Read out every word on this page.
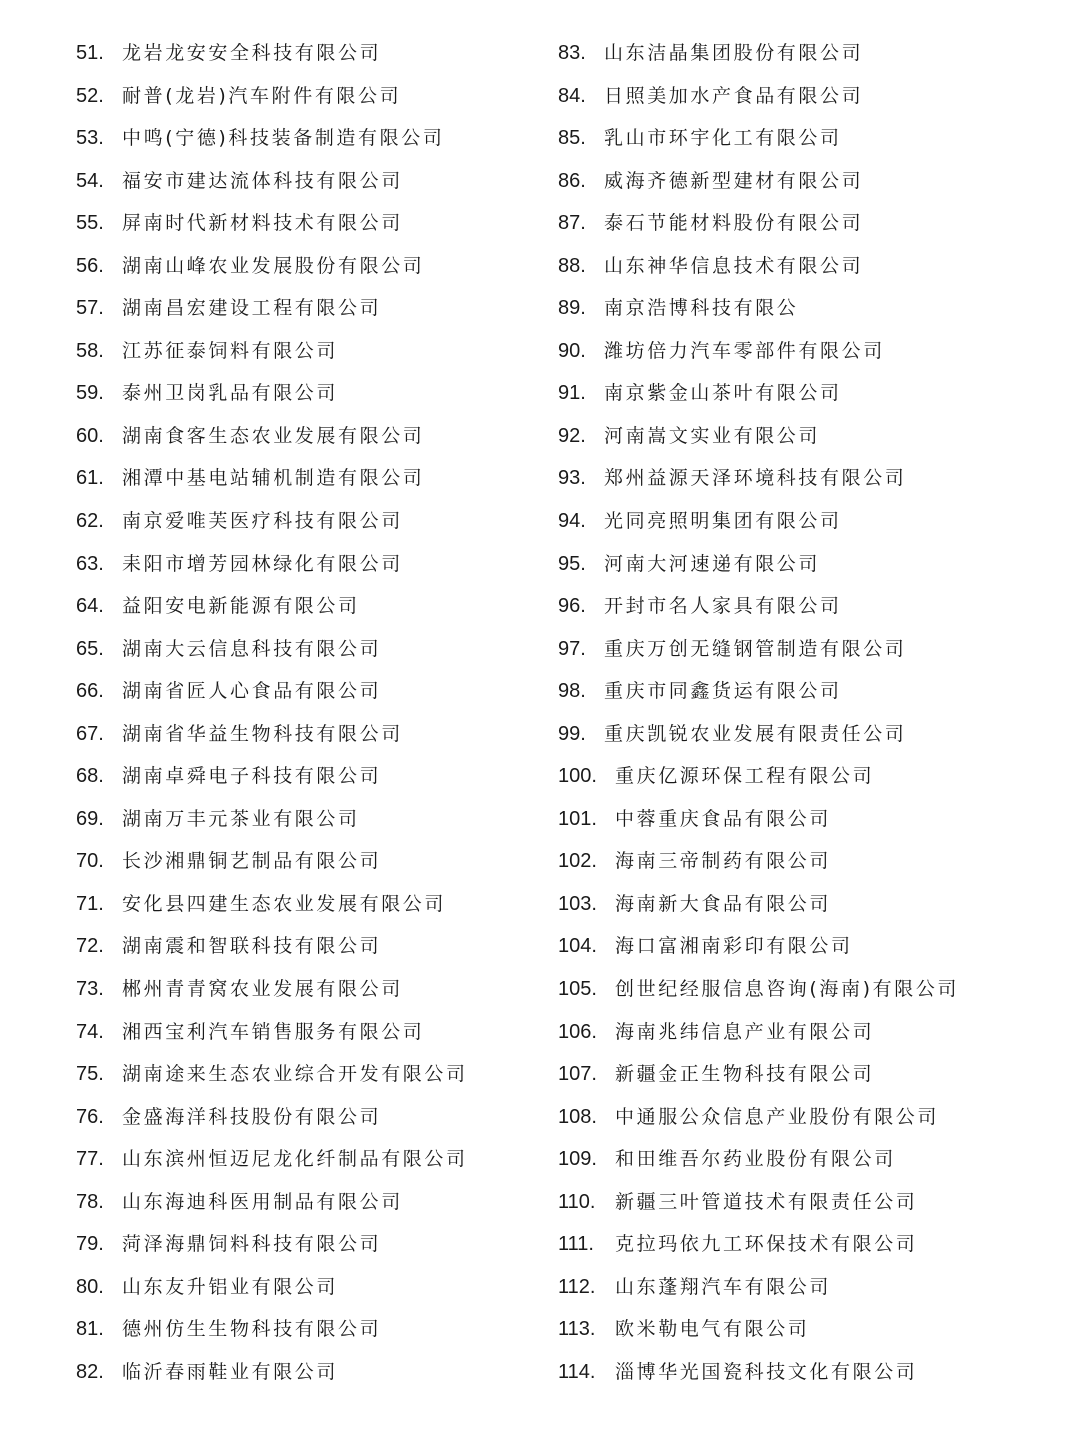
51. 龙岩龙安安全科技有限公司
52. 耐普(龙岩)汽车附件有限公司
53. 中鸣(宁德)科技装备制造有限公司
54. 福安市建达流体科技有限公司
55. 屏南时代新材料技术有限公司
56. 湖南山峰农业发展股份有限公司
57. 湖南昌宏建设工程有限公司
58. 江苏征泰饲料有限公司
59. 泰州卫岗乳品有限公司
60. 湖南食客生态农业发展有限公司
61. 湘潭中基电站辅机制造有限公司
62. 南京爱唯芙医疗科技有限公司
63. 耒阳市增芳园林绿化有限公司
64. 益阳安电新能源有限公司
65. 湖南大云信息科技有限公司
66. 湖南省匠人心食品有限公司
67. 湖南省华益生物科技有限公司
68. 湖南卓舜电子科技有限公司
69. 湖南万丰元茶业有限公司
70. 长沙湘鼎铜艺制品有限公司
71. 安化县四建生态农业发展有限公司
72. 湖南震和智联科技有限公司
73. 郴州青青窝农业发展有限公司
74. 湘西宝利汽车销售服务有限公司
75. 湖南途来生态农业综合开发有限公司
76. 金盛海洋科技股份有限公司
77. 山东滨州恒迈尼龙化纤制品有限公司
78. 山东海迪科医用制品有限公司
79. 菏泽海鼎饲料科技有限公司
80. 山东友升铝业有限公司
81. 德州仿生生物科技有限公司
82. 临沂春雨鞋业有限公司
83. 山东洁晶集团股份有限公司
84. 日照美加水产食品有限公司
85. 乳山市环宇化工有限公司
86. 威海齐德新型建材有限公司
87. 泰石节能材料股份有限公司
88. 山东神华信息技术有限公司
89. 南京浩博科技有限公
90. 潍坊倍力汽车零部件有限公司
91. 南京紫金山茶叶有限公司
92. 河南嵩文实业有限公司
93. 郑州益源天泽环境科技有限公司
94. 光同亮照明集团有限公司
95. 河南大河速递有限公司
96. 开封市名人家具有限公司
97. 重庆万创无缝钢管制造有限公司
98. 重庆市同鑫货运有限公司
99. 重庆凯锐农业发展有限责任公司
100. 重庆亿源环保工程有限公司
101. 中蓉重庆食品有限公司
102. 海南三帝制药有限公司
103. 海南新大食品有限公司
104. 海口富湘南彩印有限公司
105. 创世纪经服信息咨询(海南)有限公司
106. 海南兆纬信息产业有限公司
107. 新疆金正生物科技有限公司
108. 中通服公众信息产业股份有限公司
109. 和田维吾尔药业股份有限公司
110. 新疆三叶管道技术有限责任公司
111. 克拉玛依九工环保技术有限公司
112. 山东蓬翔汽车有限公司
113. 欧米勒电气有限公司
114. 淄博华光国瓷科技文化有限公司
